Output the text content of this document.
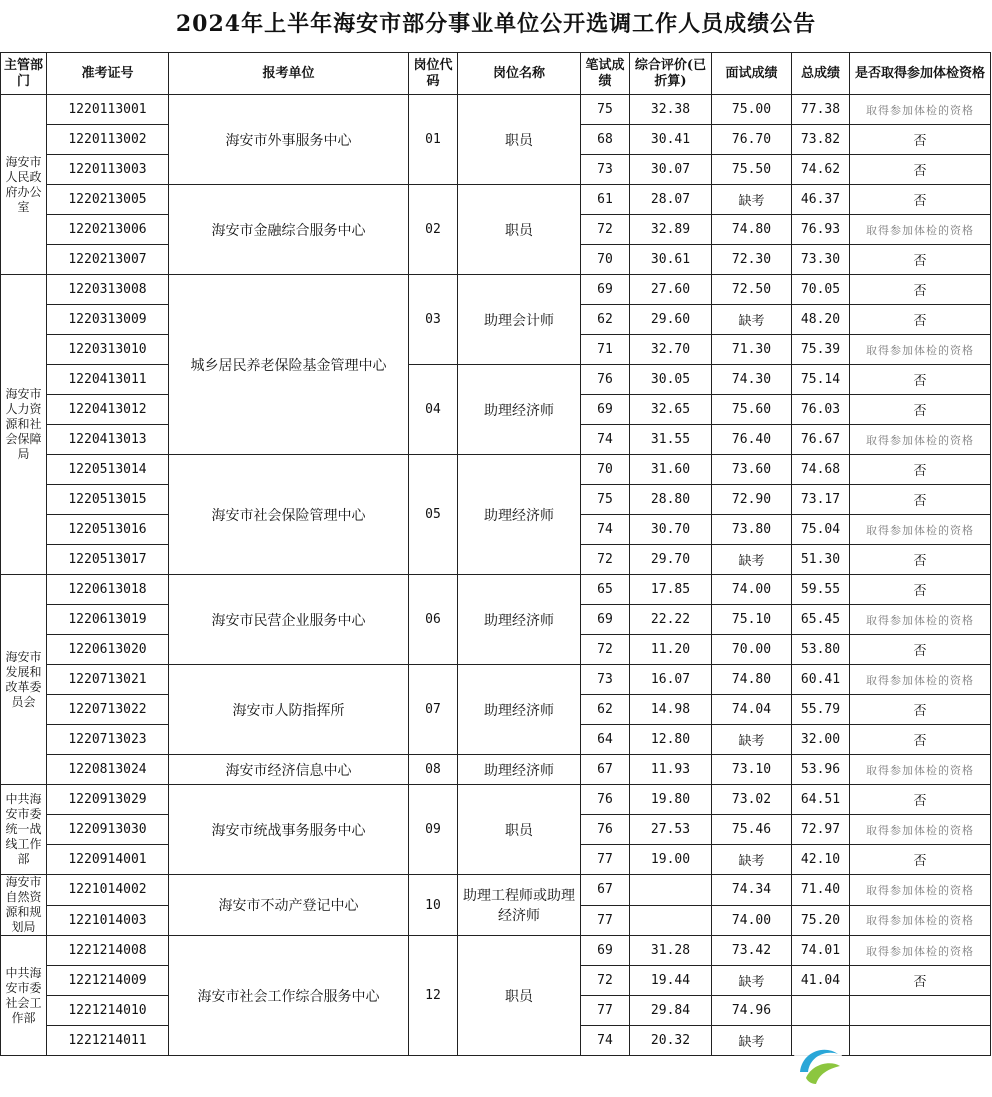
2024年上半年海安市部分事业单位公开选调工作人员成绩公告
主管部门	准考证号	报考单位	岗位代码	岗位名称	笔试成绩	综合评价(已折算)	面试成绩	总成绩	是否取得参加体检资格
海安市人民政府办公室	1220113001	海安市外事服务中心	01	职员	75	32.38	75.00	77.38	取得参加体检的资格
	1220113002				68	30.41	76.70	73.82	否
	1220113003				73	30.07	75.50	74.62	否
	1220213005	海安市金融综合服务中心	02	职员	61	28.07	缺考	46.37	否
	1220213006				72	32.89	74.80	76.93	取得参加体检的资格
	1220213007				70	30.61	72.30	73.30	否
海安市人力资源和社会保障局	1220313008	城乡居民养老保险基金管理中心	03	助理会计师	69	27.60	72.50	70.05	否
	1220313009				62	29.60	缺考	48.20	否
	1220313010				71	32.70	71.30	75.39	取得参加体检的资格
	1220413011		04	助理经济师	76	30.05	74.30	75.14	否
	1220413012				69	32.65	75.60	76.03	否
	1220413013				74	31.55	76.40	76.67	取得参加体检的资格
	1220513014	海安市社会保险管理中心	05	助理经济师	70	31.60	73.60	74.68	否
	1220513015				75	28.80	72.90	73.17	否
	1220513016				74	30.70	73.80	75.04	取得参加体检的资格
	1220513017				72	29.70	缺考	51.30	否
海安市发展和改革委员会	1220613018	海安市民营企业服务中心	06	助理经济师	65	17.85	74.00	59.55	否
	1220613019				69	22.22	75.10	65.45	取得参加体检的资格
	1220613020				72	11.20	70.00	53.80	否
	1220713021	海安市人防指挥所	07	助理经济师	73	16.07	74.80	60.41	取得参加体检的资格
	1220713022				62	14.98	74.04	55.79	否
	1220713023				64	12.80	缺考	32.00	否
	1220813024	海安市经济信息中心	08	助理经济师	67	11.93	73.10	53.96	取得参加体检的资格
中共海安市委统一战线工作部	1220913029	海安市统战事务服务中心	09	职员	76	19.80	73.02	64.51	否
	1220913030				76	27.53	75.46	72.97	取得参加体检的资格
	1220914001				77	19.00	缺考	42.10	否
海安市自然资源和规划局	1221014002	海安市不动产登记中心	10	助理工程师或助理经济师	67		74.34	71.40	取得参加体检的资格
	1221014003				77		74.00	75.20	取得参加体检的资格
中共海安市委社会工作部	1221214008	海安市社会工作综合服务中心	12	职员	69	31.28	73.42	74.01	取得参加体检的资格
	1221214009				72	19.44	缺考	41.04	否
	1221214010				77	29.84	74.96		
	1221214011				74	20.32	缺考		
